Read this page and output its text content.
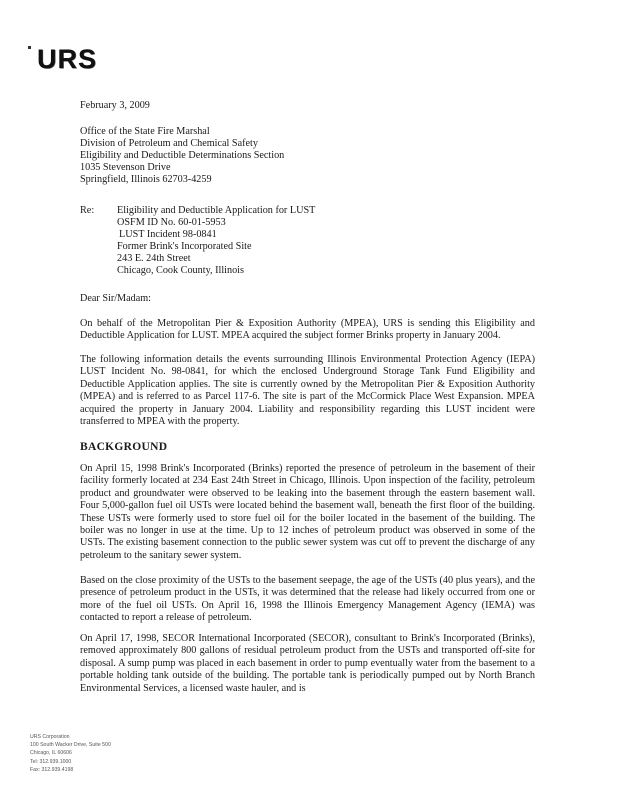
URS
February 3, 2009
Office of the State Fire Marshal
Division of Petroleum and Chemical Safety
Eligibility and Deductible Determinations Section
1035 Stevenson Drive
Springfield, Illinois 62703-4259
Re: Eligibility and Deductible Application for LUST
OSFM ID No. 60-01-5953
LUST Incident 98-0841
Former Brink's Incorporated Site
243 E. 24th Street
Chicago, Cook County, Illinois
Dear Sir/Madam:
On behalf of the Metropolitan Pier & Exposition Authority (MPEA), URS is sending this Eligibility and Deductible Application for LUST. MPEA acquired the subject former Brinks property in January 2004.
The following information details the events surrounding Illinois Environmental Protection Agency (IEPA) LUST Incident No. 98-0841, for which the enclosed Underground Storage Tank Fund Eligibility and Deductible Application applies. The site is currently owned by the Metropolitan Pier & Exposition Authority (MPEA) and is referred to as Parcel 117-6. The site is part of the McCormick Place West Expansion. MPEA acquired the property in January 2004. Liability and responsibility regarding this LUST incident were transferred to MPEA with the property.
BACKGROUND
On April 15, 1998 Brink's Incorporated (Brinks) reported the presence of petroleum in the basement of their facility formerly located at 234 East 24th Street in Chicago, Illinois. Upon inspection of the facility, petroleum product and groundwater were observed to be leaking into the basement through the eastern basement wall. Four 5,000-gallon fuel oil USTs were located behind the basement wall, beneath the first floor of the building. These USTs were formerly used to store fuel oil for the boiler located in the basement of the building. The boiler was no longer in use at the time. Up to 12 inches of petroleum product was observed in some of the USTs. The existing basement connection to the public sewer system was cut off to prevent the discharge of any petroleum to the sanitary sewer system.
Based on the close proximity of the USTs to the basement seepage, the age of the USTs (40 plus years), and the presence of petroleum product in the USTs, it was determined that the release had likely occurred from one or more of the fuel oil USTs. On April 16, 1998 the Illinois Emergency Management Agency (IEMA) was contacted to report a release of petroleum.
On April 17, 1998, SECOR International Incorporated (SECOR), consultant to Brink's Incorporated (Brinks), removed approximately 800 gallons of residual petroleum product from the USTs and transported off-site for disposal. A sump pump was placed in each basement in order to pump eventually water from the basement to a portable holding tank outside of the building. The portable tank is periodically pumped out by North Branch Environmental Services, a licensed waste hauler, and is
URS Corporation
100 South Wacker Drive, Suite 500
Chicago, IL 60606
Tel: 312.939.1000
Fax: 312.939.4198
